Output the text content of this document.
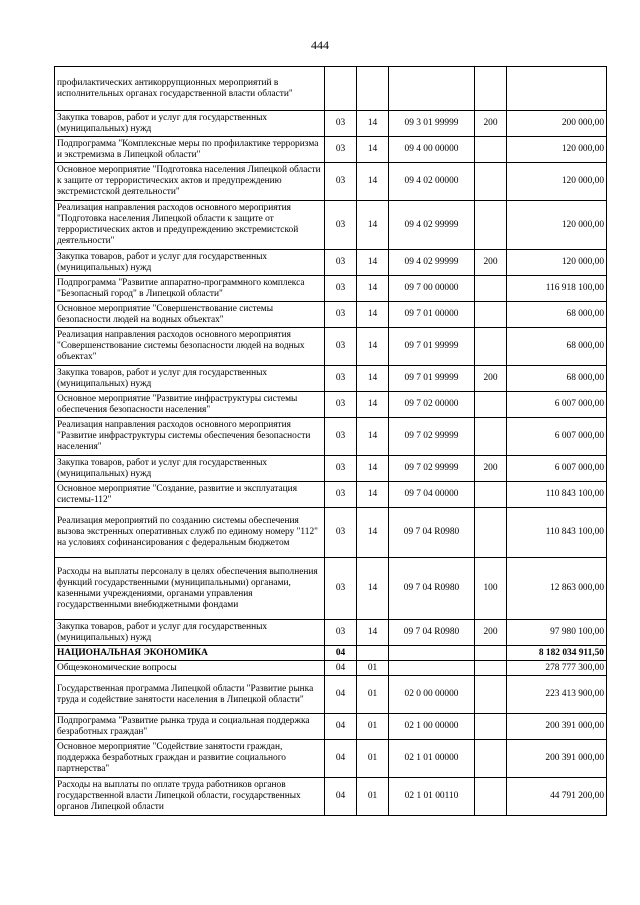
444
профилактических антикоррупционных мероприятий в исполнительных органах государственной власти области"					
Закупка товаров, работ и услуг для государственных (муниципальных) нужд	03	14	09 3 01 99999	200	200 000,00
Подпрограмма "Комплексные меры по профилактике терроризма и экстремизма в Липецкой области"	03	14	09 4 00 00000		120 000,00
Основное мероприятие "Подготовка населения Липецкой области к защите от террористических актов и предупреждению экстремистской деятельности"	03	14	09 4 02 00000		120 000,00
Реализация направления расходов основного мероприятия "Подготовка населения Липецкой области к защите от террористических актов и предупреждению экстремистской деятельности"	03	14	09 4 02 99999		120 000,00
Закупка товаров, работ и услуг для государственных (муниципальных) нужд	03	14	09 4 02 99999	200	120 000,00
Подпрограмма "Развитие аппаратно-программного комплекса "Безопасный город" в Липецкой области"	03	14	09 7 00 00000		116 918 100,00
Основное мероприятие "Совершенствование системы безопасности людей на водных объектах"	03	14	09 7 01 00000		68 000,00
Реализация направления расходов основного мероприятия "Совершенствование системы безопасности людей на водных объектах"	03	14	09 7 01 99999		68 000,00
Закупка товаров, работ и услуг для государственных (муниципальных) нужд	03	14	09 7 01 99999	200	68 000,00
Основное мероприятие "Развитие инфраструктуры системы обеспечения безопасности населения"	03	14	09 7 02 00000		6 007 000,00
Реализация направления расходов основного мероприятия "Развитие инфраструктуры системы обеспечения безопасности населения"	03	14	09 7 02 99999		6 007 000,00
Закупка товаров, работ и услуг для государственных (муниципальных) нужд	03	14	09 7 02 99999	200	6 007 000,00
Основное мероприятие "Создание, развитие и эксплуатация системы-112"	03	14	09 7 04 00000		110 843 100,00
Реализация мероприятий по созданию системы обеспечения вызова экстренных оперативных служб по единому номеру "112" на условиях софинансирования с федеральным бюджетом	03	14	09 7 04 R0980		110 843 100,00
Расходы на выплаты персоналу в целях обеспечения выполнения функций государственными (муниципальными) органами, казенными учреждениями, органами управления государственными внебюджетными фондами	03	14	09 7 04 R0980	100	12 863 000,00
Закупка товаров, работ и услуг для государственных (муниципальных) нужд	03	14	09 7 04 R0980	200	97 980 100,00
НАЦИОНАЛЬНАЯ ЭКОНОМИКА	04				8 182 034 911,50
Общеэкономические вопросы	04	01			278 777 300,00
Государственная программа Липецкой области "Развитие рынка труда и содействие занятости населения в Липецкой области"	04	01	02 0 00 00000		223 413 900,00
Подпрограмма "Развитие рынка труда и социальная поддержка безработных граждан"	04	01	02 1 00 00000		200 391 000,00
Основное мероприятие "Содействие занятости граждан, поддержка безработных граждан и развитие социального партнерства"	04	01	02 1 01 00000		200 391 000,00
Расходы на выплаты по оплате труда работников органов государственной власти Липецкой области, государственных органов Липецкой области	04	01	02 1 01 00110		44 791 200,00
